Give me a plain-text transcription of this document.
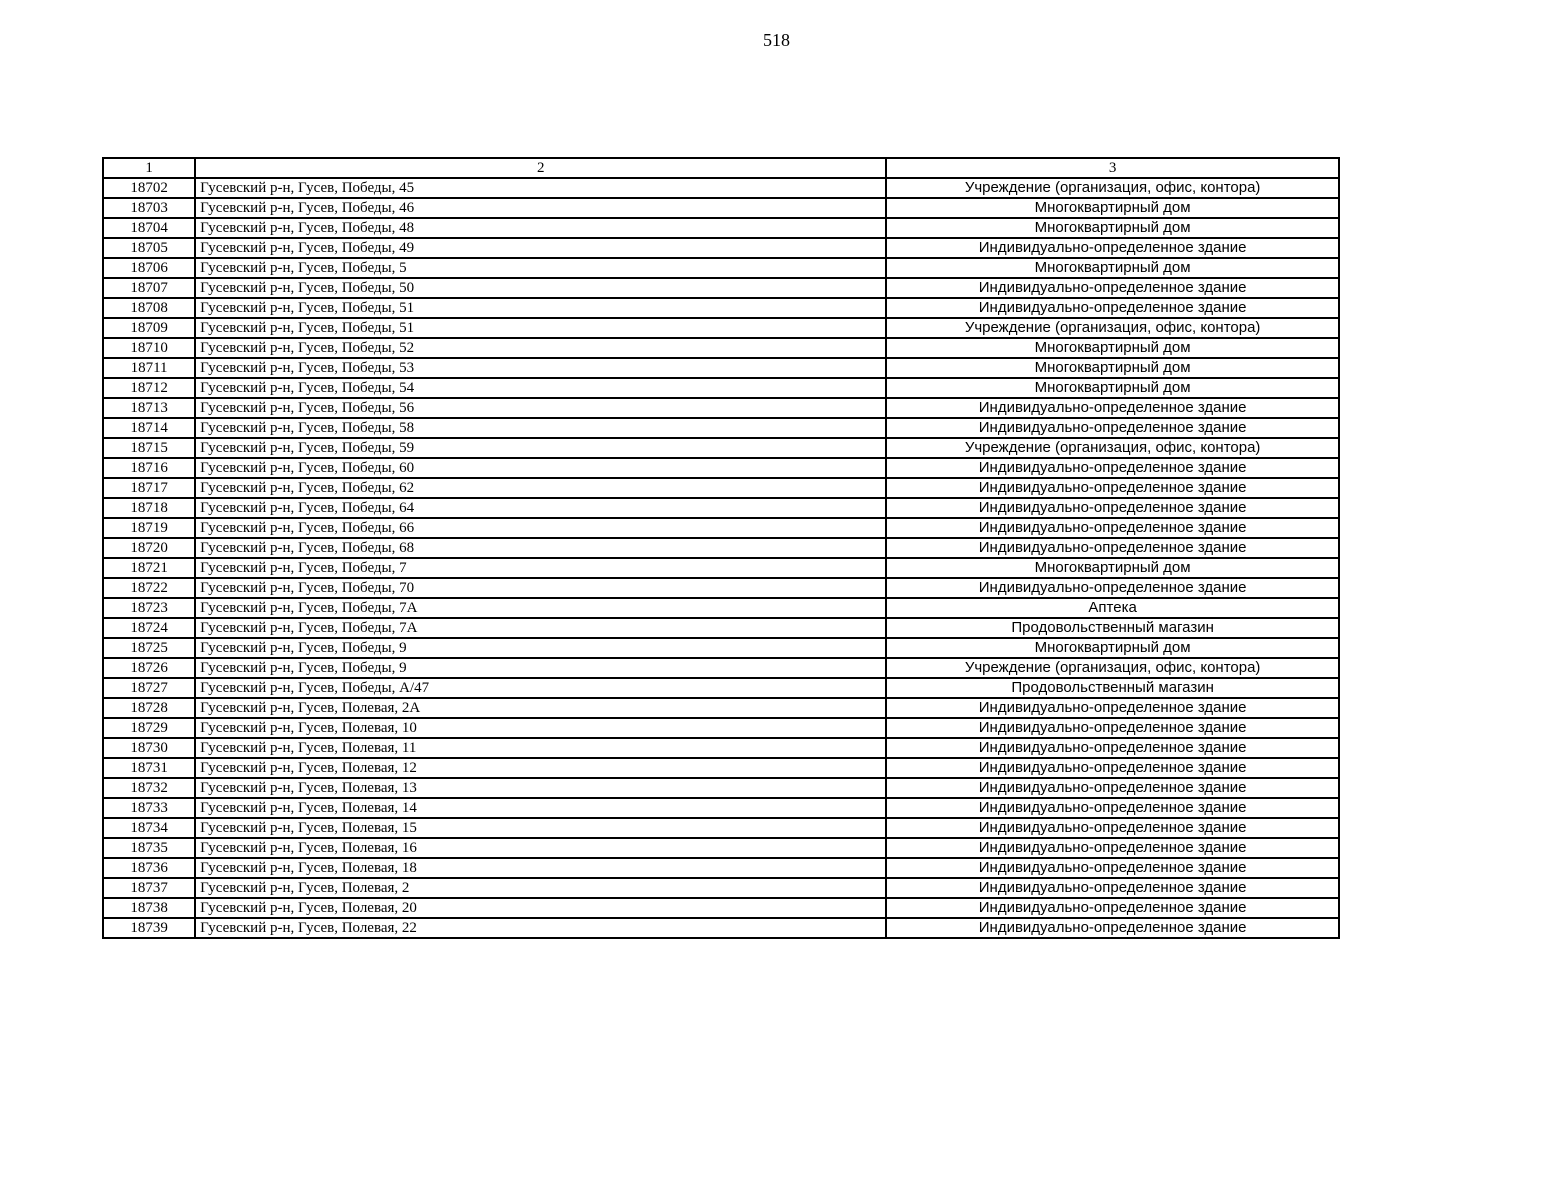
518
1	2	3
18702	Гусевский р-н, Гусев, Победы, 45	Учреждение (организация, офис, контора)
18703	Гусевский р-н, Гусев, Победы, 46	Многоквартирный дом
18704	Гусевский р-н, Гусев, Победы, 48	Многоквартирный дом
18705	Гусевский р-н, Гусев, Победы, 49	Индивидуально-определенное здание
18706	Гусевский р-н, Гусев, Победы, 5	Многоквартирный дом
18707	Гусевский р-н, Гусев, Победы, 50	Индивидуально-определенное здание
18708	Гусевский р-н, Гусев, Победы, 51	Индивидуально-определенное здание
18709	Гусевский р-н, Гусев, Победы, 51	Учреждение (организация, офис, контора)
18710	Гусевский р-н, Гусев, Победы, 52	Многоквартирный дом
18711	Гусевский р-н, Гусев, Победы, 53	Многоквартирный дом
18712	Гусевский р-н, Гусев, Победы, 54	Многоквартирный дом
18713	Гусевский р-н, Гусев, Победы, 56	Индивидуально-определенное здание
18714	Гусевский р-н, Гусев, Победы, 58	Индивидуально-определенное здание
18715	Гусевский р-н, Гусев, Победы, 59	Учреждение (организация, офис, контора)
18716	Гусевский р-н, Гусев, Победы, 60	Индивидуально-определенное здание
18717	Гусевский р-н, Гусев, Победы, 62	Индивидуально-определенное здание
18718	Гусевский р-н, Гусев, Победы, 64	Индивидуально-определенное здание
18719	Гусевский р-н, Гусев, Победы, 66	Индивидуально-определенное здание
18720	Гусевский р-н, Гусев, Победы, 68	Индивидуально-определенное здание
18721	Гусевский р-н, Гусев, Победы, 7	Многоквартирный дом
18722	Гусевский р-н, Гусев, Победы, 70	Индивидуально-определенное здание
18723	Гусевский р-н, Гусев, Победы, 7А	Аптека
18724	Гусевский р-н, Гусев, Победы, 7А	Продовольственный магазин
18725	Гусевский р-н, Гусев, Победы, 9	Многоквартирный дом
18726	Гусевский р-н, Гусев, Победы, 9	Учреждение (организация, офис, контора)
18727	Гусевский р-н, Гусев, Победы, А/47	Продовольственный магазин
18728	Гусевский р-н, Гусев, Полевая, 2А	Индивидуально-определенное здание
18729	Гусевский р-н, Гусев, Полевая, 10	Индивидуально-определенное здание
18730	Гусевский р-н, Гусев, Полевая, 11	Индивидуально-определенное здание
18731	Гусевский р-н, Гусев, Полевая, 12	Индивидуально-определенное здание
18732	Гусевский р-н, Гусев, Полевая, 13	Индивидуально-определенное здание
18733	Гусевский р-н, Гусев, Полевая, 14	Индивидуально-определенное здание
18734	Гусевский р-н, Гусев, Полевая, 15	Индивидуально-определенное здание
18735	Гусевский р-н, Гусев, Полевая, 16	Индивидуально-определенное здание
18736	Гусевский р-н, Гусев, Полевая, 18	Индивидуально-определенное здание
18737	Гусевский р-н, Гусев, Полевая, 2	Индивидуально-определенное здание
18738	Гусевский р-н, Гусев, Полевая, 20	Индивидуально-определенное здание
18739	Гусевский р-н, Гусев, Полевая, 22	Индивидуально-определенное здание
